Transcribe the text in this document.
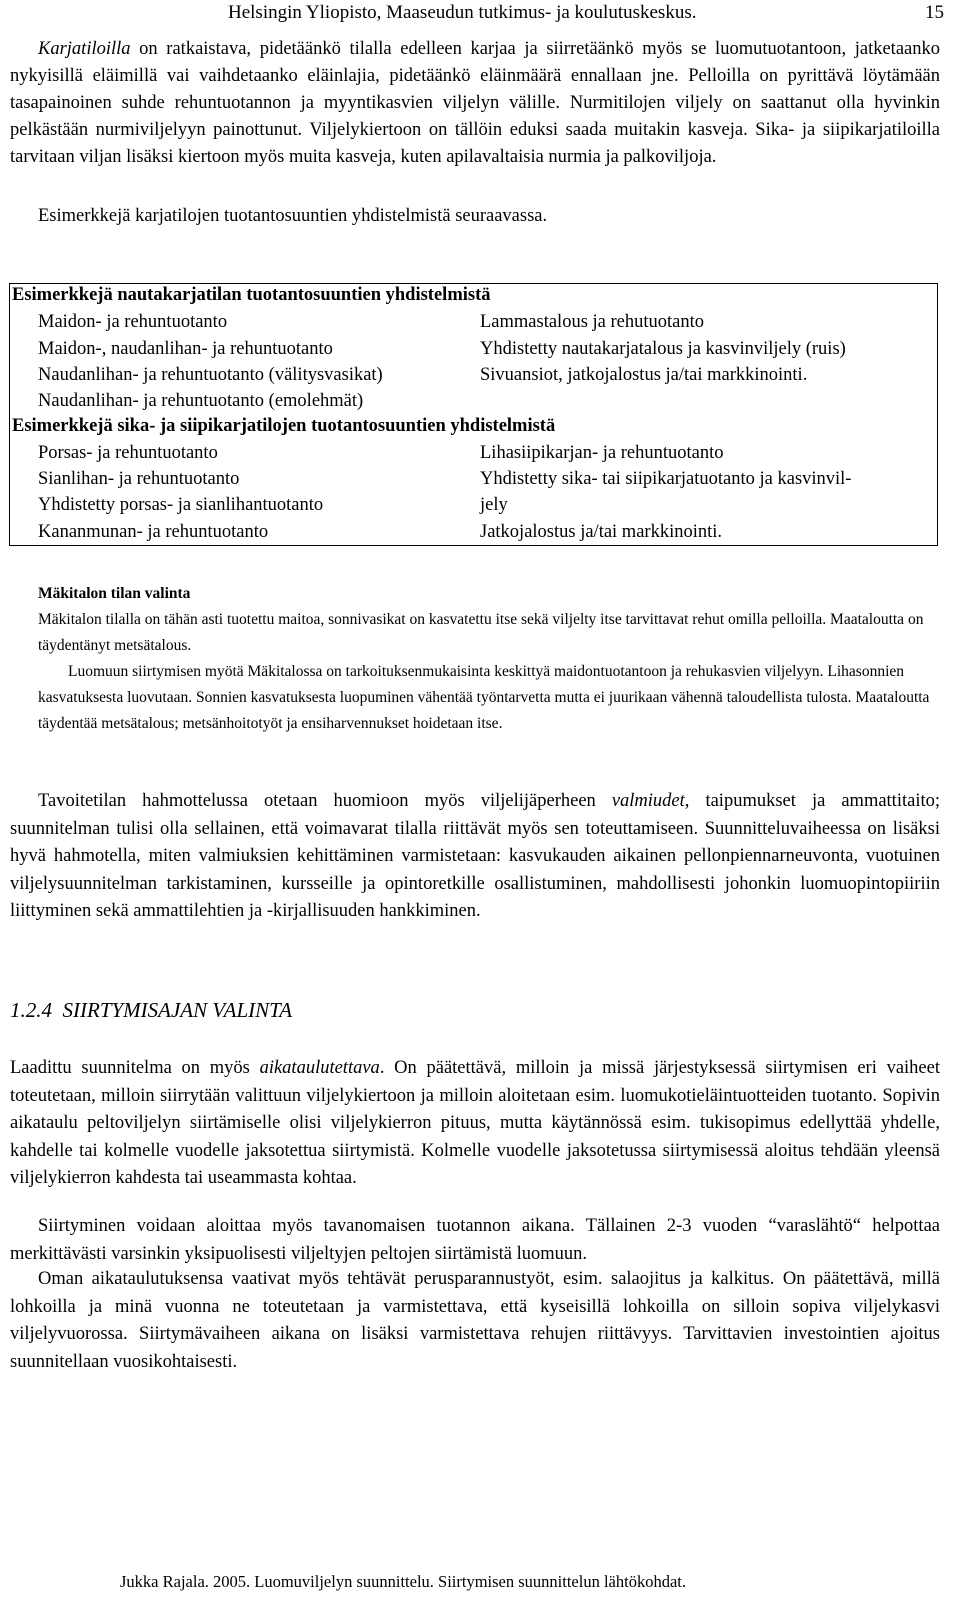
Helsingin Yliopisto, Maaseudun tutkimus- ja koulutuskeskus.	15
Karjatiloilla on ratkaistava, pidetäänkö tilalla edelleen karjaa ja siirretäänkö myös se luomutuotantoon, jatketaanko nykyisillä eläimillä vai vaihdetaanko eläinlajia, pidetäänkö eläinmäärä ennallaan jne. Pelloilla on pyrittävä löytämään tasapainoinen suhde rehuntuotannon ja myyntikasvien viljelyn välille. Nurmitilojen viljely on saattanut olla hyvinkin pelkästään nurmiviljelyyn painottunut. Viljelykiertoon on tällöin eduksi saada muitakin kasveja. Sika- ja siipikarjatiloilla tarvitaan viljan lisäksi kiertoon myös muita kasveja, kuten apilavaltaisia nurmia ja palkoviljoja.
Esimerkkejä karjatilojen tuotantosuuntien yhdistelmistä seuraavassa.
Esimerkkejä nautakarjatilan tuotantosuuntien yhdistelmistä
Maidon- ja rehuntuotanto
Maidon-, naudanlihan- ja rehuntuotanto
Naudanlihan- ja rehuntuotanto (välitysvasikat)
Naudanlihan- ja rehuntuotanto (emolehmät)
Lammastalous ja rehutuotanto
Yhdistetty nautakarjatalous ja kasvinviljely (ruis)
Sivuansiot, jatkojalostus ja/tai markkinointi.
Esimerkkejä sika- ja siipikarjatilojen tuotantosuuntien yhdistelmistä
Porsas- ja rehuntuotanto
Sianlihan- ja rehuntuotanto
Yhdistetty porsas- ja sianlihantuotanto
Kananmunan- ja rehuntuotanto
Lihasiipikarjan- ja rehuntuotanto
Yhdistetty sika- tai siipikarjatuotanto ja kasvinvil-
jely
Jatkojalostus ja/tai markkinointi.
Mäkitalon tilan valinta
Mäkitalon tilalla on tähän asti tuotettu maitoa, sonnivasikat on kasvatettu itse sekä viljelty itse tarvittavat rehut omilla pelloilla. Maataloutta on täydentänyt metsätalous.
Luomuun siirtymisen myötä Mäkitalossa on tarkoituksenmukaisinta keskittyä maidontuotantoon ja rehukasvien viljelyyn. Lihasonnien kasvatuksesta luovutaan. Sonnien kasvatuksesta luopuminen vähentää työntarvetta mutta ei juurikaan vähennä taloudellista tulosta. Maataloutta täydentää metsätalous; metsänhoitotyöt ja ensiharvennukset hoidetaan itse.
Tavoitetilan hahmottelussa otetaan huomioon myös viljelijäperheen valmiudet, taipumukset ja ammattitaito; suunnitelman tulisi olla sellainen, että voimavarat tilalla riittävät myös sen toteuttamiseen. Suunnitteluvaiheessa on lisäksi hyvä hahmotella, miten valmiuksien kehittäminen varmistetaan: kasvukauden aikainen pellonpiennarneuvonta, vuotuinen viljelysuunnitelman tarkistaminen, kursseille ja opintoretkille osallistuminen, mahdollisesti johonkin luomuopintopiiriin liittyminen sekä ammattilehtien ja -kirjallisuuden hankkiminen.
1.2.4  SIIRTYMISAJAN VALINTA
Laadittu suunnitelma on myös aikataulutettava. On päätettävä, milloin ja missä järjestyksessä siirtymisen eri vaiheet toteutetaan, milloin siirrytään valittuun viljelykiertoon ja milloin aloitetaan esim. luomukotieläintuotteiden tuotanto. Sopivin aikataulu peltoviljelyn siirtämiselle olisi viljelykierron pituus, mutta käytännössä esim. tukisopimus edellyttää yhdelle, kahdelle tai kolmelle vuodelle jaksotettua siirtymistä. Kolmelle vuodelle jaksotetussa siirtymisessä aloitus tehdään yleensä viljelykierron kahdesta tai useammasta kohtaa.
Siirtyminen voidaan aloittaa myös tavanomaisen tuotannon aikana. Tällainen 2-3 vuoden “varaslähtö“ helpottaa merkittävästi varsinkin yksipuolisesti viljeltyjen peltojen siirtämistä luomuun.
Oman aikataulutuksensa vaativat myös tehtävät perusparannustyöt, esim. salaojitus ja kalkitus. On päätettävä, millä lohkoilla ja minä vuonna ne toteutetaan ja varmistettava, että kyseisillä lohkoilla on silloin sopiva viljelykasvi viljelyvuorossa. Siirtymävaiheen aikana on lisäksi varmistettava rehujen riittävyys. Tarvittavien investointien ajoitus suunnitellaan vuosikohtaisesti.
Jukka Rajala. 2005. Luomuviljelyn suunnittelu. Siirtymisen suunnittelun lähtökohdat.
